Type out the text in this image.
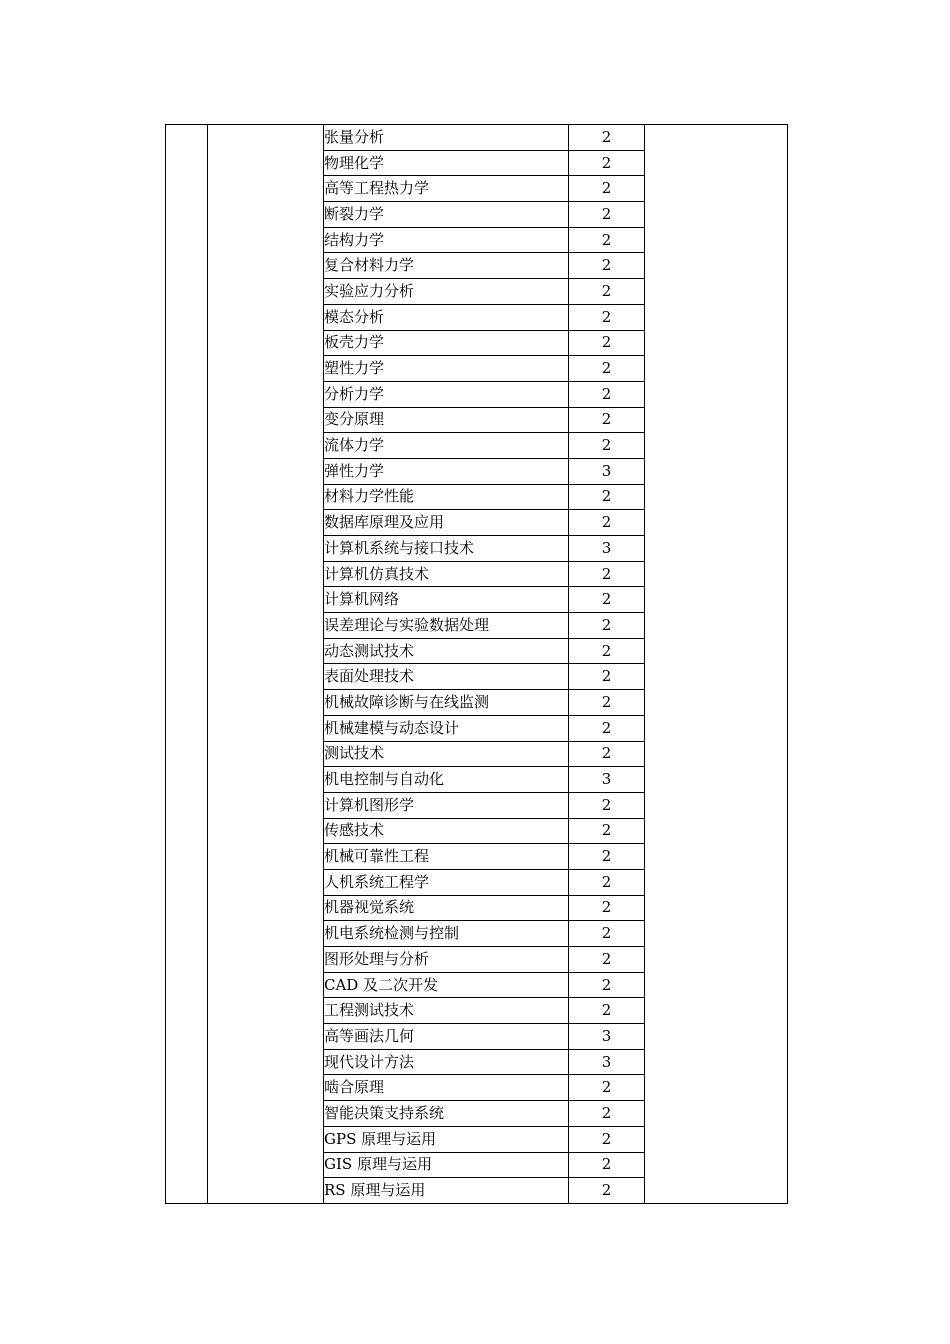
		张量分析	2	
		物理化学	2	
		高等工程热力学	2	
		断裂力学	2	
		结构力学	2	
		复合材料力学	2	
		实验应力分析	2	
		模态分析	2	
		板壳力学	2	
		塑性力学	2	
		分析力学	2	
		变分原理	2	
		流体力学	2	
		弹性力学	3	
		材料力学性能	2	
		数据库原理及应用	2	
		计算机系统与接口技术	3	
		计算机仿真技术	2	
		计算机网络	2	
		误差理论与实验数据处理	2	
		动态测试技术	2	
		表面处理技术	2	
		机械故障诊断与在线监测	2	
		机械建模与动态设计	2	
		测试技术	2	
		机电控制与自动化	3	
		计算机图形学	2	
		传感技术	2	
		机械可靠性工程	2	
		人机系统工程学	2	
		机器视觉系统	2	
		机电系统检测与控制	2	
		图形处理与分析	2	
		CAD 及二次开发	2	
		工程测试技术	2	
		高等画法几何	3	
		现代设计方法	3	
		啮合原理	2	
		智能决策支持系统	2	
		GPS 原理与运用	2	
		GIS 原理与运用	2	
		RS 原理与运用	2	
